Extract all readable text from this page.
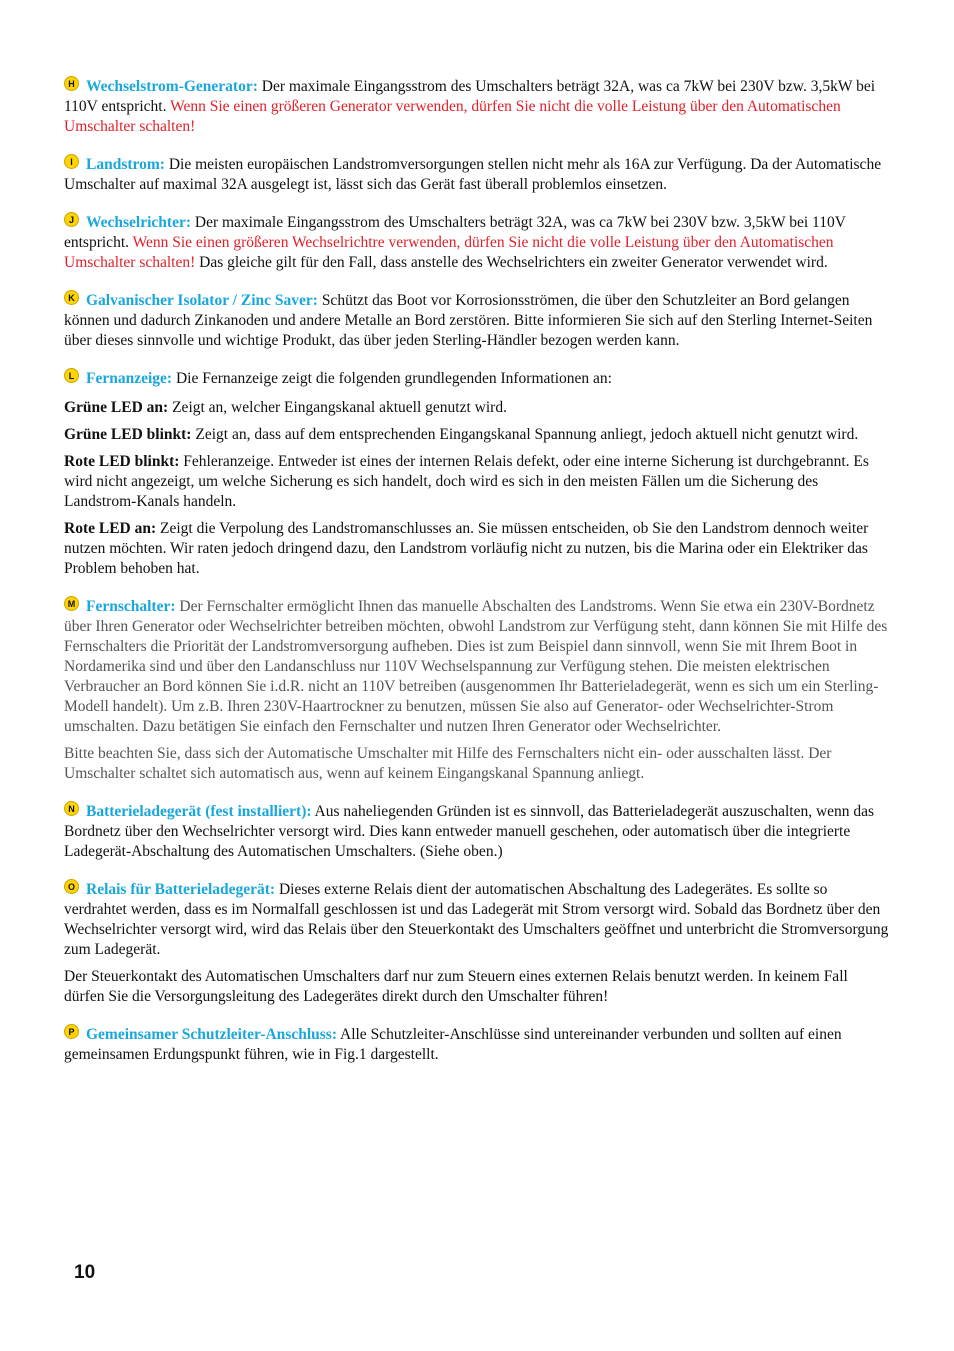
H Wechselstrom-Generator: Der maximale Eingangsstrom des Umschalters beträgt 32A, was ca 7kW bei 230V bzw. 3,5kW bei 110V entspricht. Wenn Sie einen größeren Generator verwenden, dürfen Sie nicht die volle Leistung über den Automatischen Umschalter schalten!

I Landstrom: Die meisten europäischen Landstromversorgungen stellen nicht mehr als 16A zur Verfügung. Da der Automatische Umschalter auf maximal 32A ausgelegt ist, lässt sich das Gerät fast überall problemlos einsetzen.

J Wechselrichter: Der maximale Eingangsstrom des Umschalters beträgt 32A, was ca 7kW bei 230V bzw. 3,5kW bei 110V entspricht. Wenn Sie einen größeren Wechselrichtre verwenden, dürfen Sie nicht die volle Leistung über den Automatischen Umschalter schalten! Das gleiche gilt für den Fall, dass anstelle des Wechselrichters ein zweiter Generator verwendet wird.

K Galvanischer Isolator / Zinc Saver: Schützt das Boot vor Korrosionsströmen, die über den Schutzleiter an Bord gelangen können und dadurch Zinkanoden und andere Metalle an Bord zerstören. Bitte informieren Sie sich auf den Sterling Internet-Seiten über dieses sinnvolle und wichtige Produkt, das über jeden Sterling-Händler bezogen werden kann.

L Fernanzeige: Die Fernanzeige zeigt die folgenden grundlegenden Informationen an:

Grüne LED an: Zeigt an, welcher Eingangskanal aktuell genutzt wird.

Grüne LED blinkt: Zeigt an, dass auf dem entsprechenden Eingangskanal Spannung anliegt, jedoch aktuell nicht genutzt wird.

Rote LED blinkt: Fehleranzeige. Entweder ist eines der internen Relais defekt, oder eine interne Sicherung ist durchgebrannt. Es wird nicht angezeigt, um welche Sicherung es sich handelt, doch wird es sich in den meisten Fällen um die Sicherung des Landstrom-Kanals handeln.

Rote LED an: Zeigt die Verpolung des Landstromanschlusses an. Sie müssen entscheiden, ob Sie den Landstrom dennoch weiter nutzen möchten. Wir raten jedoch dringend dazu, den Landstrom vorläufig nicht zu nutzen, bis die Marina oder ein Elektriker das Problem behoben hat.

M Fernschalter: Der Fernschalter ermöglicht Ihnen das manuelle Abschalten des Landstroms. Wenn Sie etwa ein 230V-Bordnetz über Ihren Generator oder Wechselrichter betreiben möchten, obwohl Landstrom zur Verfügung steht, dann können Sie mit Hilfe des Fernschalters die Priorität der Landstromversorgung aufheben. Dies ist zum Beispiel dann sinnvoll, wenn Sie mit Ihrem Boot in Nordamerika sind und über den Landanschluss nur 110V Wechselspannung zur Verfügung stehen. Die meisten elektrischen Verbraucher an Bord können Sie i.d.R. nicht an 110V betreiben (ausgenommen Ihr Batterieladegerät, wenn es sich um ein Sterling-Modell handelt). Um z.B. Ihren 230V-Haartrockner zu benutzen, müssen Sie also auf Generator- oder Wechselrichter-Strom umschalten. Dazu betätigen Sie einfach den Fernschalter und nutzen Ihren Generator oder Wechselrichter.

Bitte beachten Sie, dass sich der Automatische Umschalter mit Hilfe des Fernschalters nicht ein- oder ausschalten lässt. Der Umschalter schaltet sich automatisch aus, wenn auf keinem Eingangskanal Spannung anliegt.

N Batterieladegerät (fest installiert): Aus naheliegenden Gründen ist es sinnvoll, das Batterieladegerät auszuschalten, wenn das Bordnetz über den Wechselrichter versorgt wird. Dies kann entweder manuell geschehen, oder automatisch über die integrierte Ladegerät-Abschaltung des Automatischen Umschalters. (Siehe oben.)

O Relais für Batterieladegerät: Dieses externe Relais dient der automatischen Abschaltung des Ladegerätes. Es sollte so verdrahtet werden, dass es im Normalfall geschlossen ist und das Ladegerät mit Strom versorgt wird. Sobald das Bordnetz über den Wechselrichter versorgt wird, wird das Relais über den Steuerkontakt des Umschalters geöffnet und unterbricht die Stromversorgung zum Ladegerät.

Der Steuerkontakt des Automatischen Umschalters darf nur zum Steuern eines externen Relais benutzt werden. In keinem Fall dürfen Sie die Versorgungsleitung des Ladegerätes direkt durch den Umschalter führen!

P Gemeinsamer Schutzleiter-Anschluss: Alle Schutzleiter-Anschlüsse sind untereinander verbunden und sollten auf einen gemeinsamen Erdungspunkt führen, wie in Fig.1 dargestellt.

10
